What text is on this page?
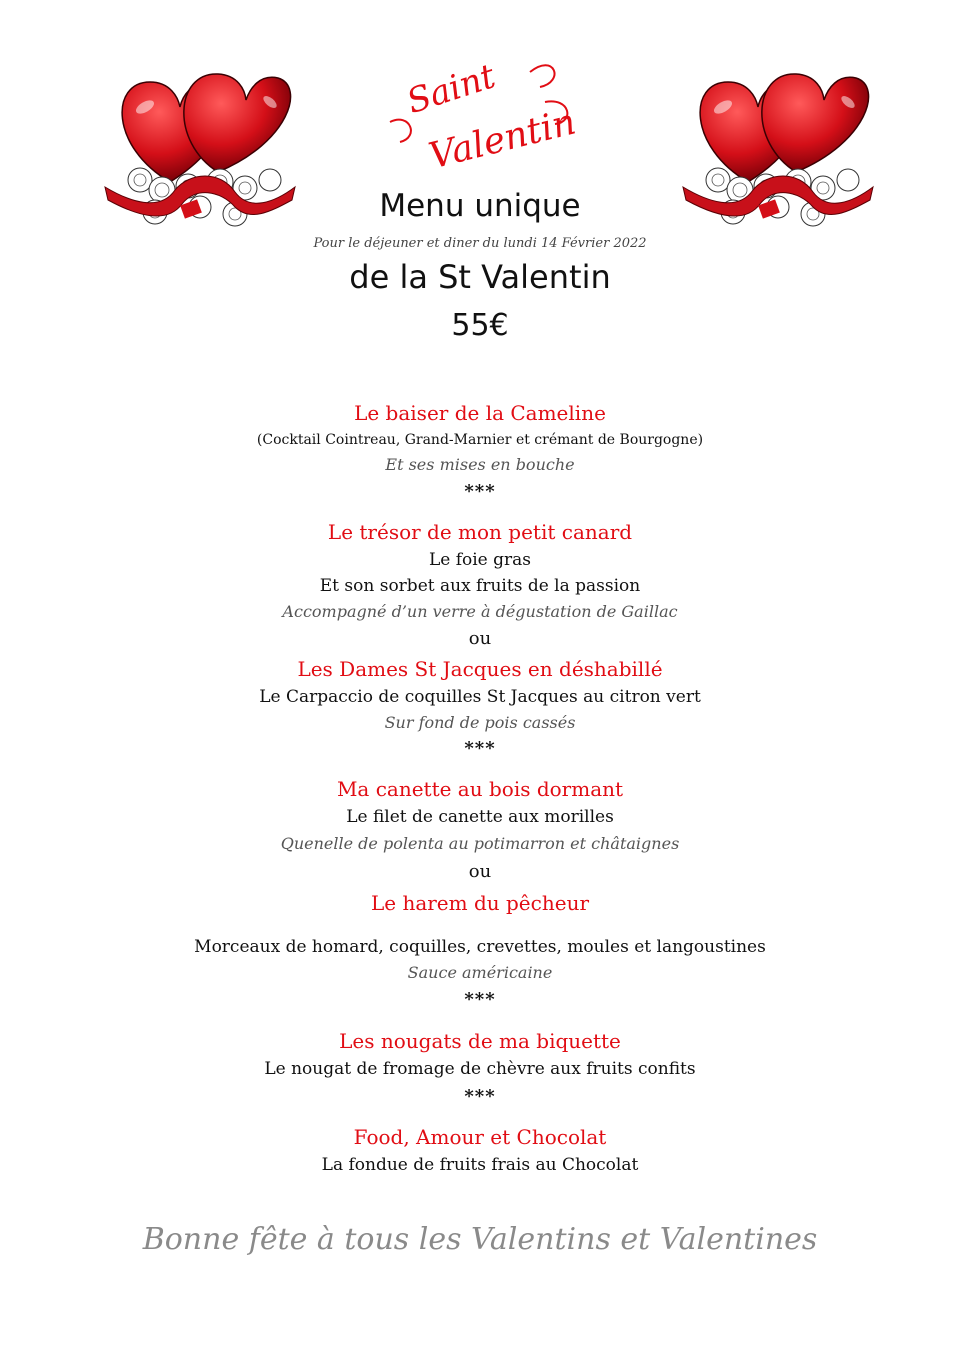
Saint
Valentin
Menu unique
Pour le déjeuner et diner du lundi 14 Février 2022
de la St Valentin
55€
Le baiser de la Cameline
(Cocktail Cointreau, Grand-Marnier et crémant de Bourgogne)
Et ses mises en bouche
***
Le trésor de mon petit canard
Le foie gras
Et son sorbet aux fruits de la passion
Accompagné d’un verre à dégustation de Gaillac
ou
Les Dames St Jacques en déshabillé
Le Carpaccio de coquilles St Jacques au citron vert
Sur fond de pois cassés
***
Ma canette au bois dormant
Le filet de canette aux morilles
Quenelle de polenta au potimarron et châtaignes
ou
Le harem du pêcheur
Morceaux de homard, coquilles, crevettes, moules et langoustines
Sauce américaine
***
Les nougats de ma biquette
Le nougat de fromage de chèvre aux fruits confits
***
Food, Amour et Chocolat
La fondue de fruits frais au Chocolat
Bonne fête à tous les Valentins et Valentines
